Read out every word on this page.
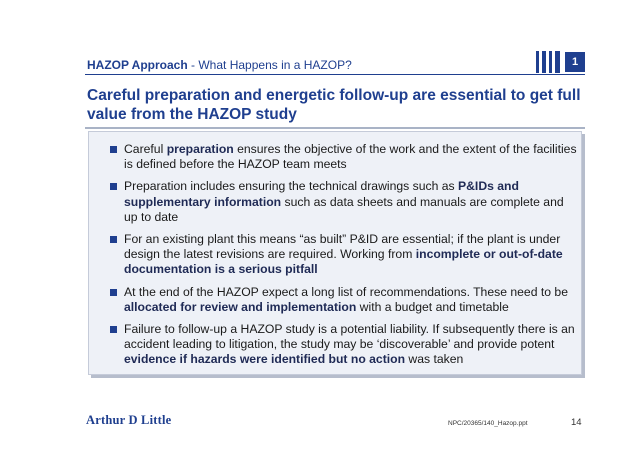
HAZOP Approach - What Happens in a HAZOP?	1
Careful preparation and energetic follow-up are essential to get full value from the HAZOP study
Careful preparation ensures the objective of the work and the extent of the facilities is defined before the HAZOP team meets
Preparation includes ensuring the technical drawings such as P&IDs and supplementary information such as data sheets and manuals are complete and up to date
For an existing plant this means “as built” P&ID are essential; if the plant is under design the latest revisions are required. Working from incomplete or out-of-date documentation is a serious pitfall
At the end of the HAZOP expect a long list of recommendations. These need to be allocated for review and implementation with a budget and timetable
Failure to follow-up a HAZOP study is a potential liability. If subsequently there is an accident leading to litigation, the study may be ‘discoverable’ and provide potent evidence if hazards were identified but no action was taken
Arthur D Little	NPC/20365/140_Hazop.ppt	14
